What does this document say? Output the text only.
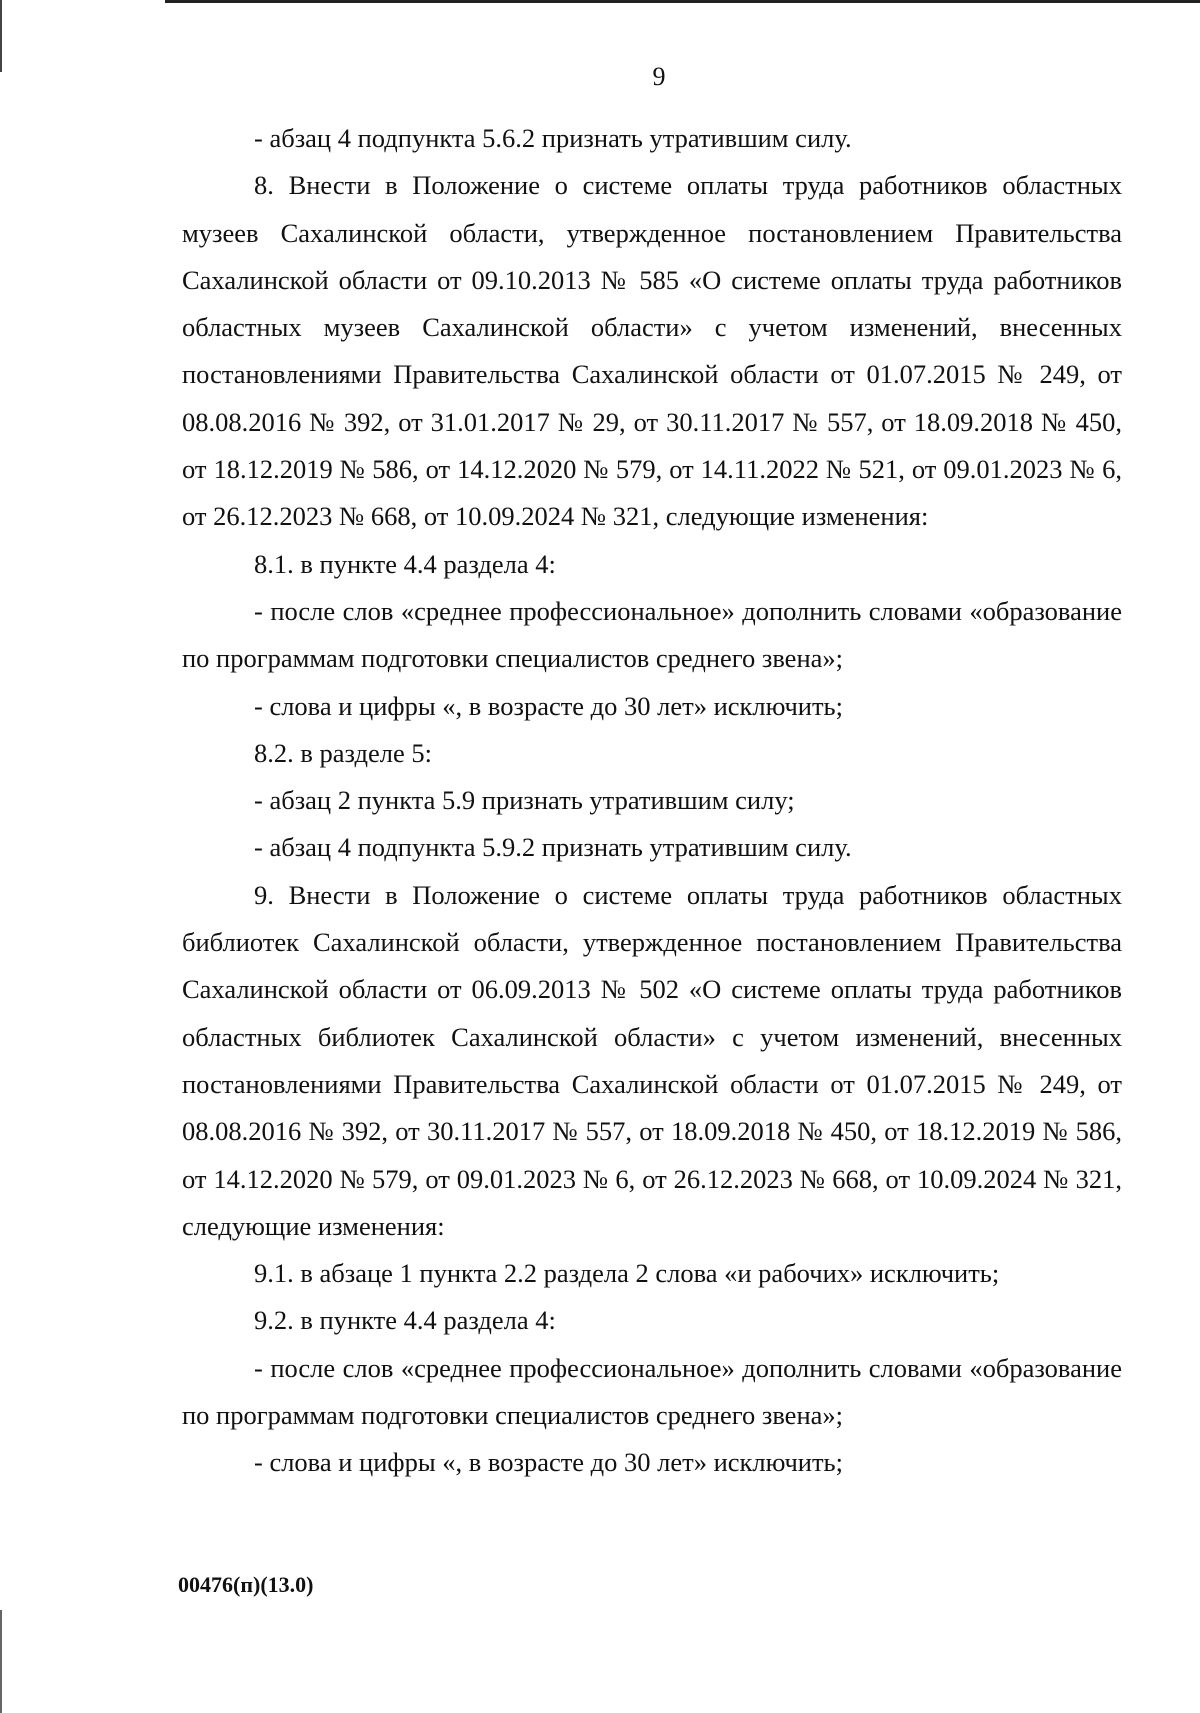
9

- абзац 4 подпункта 5.6.2 признать утратившим силу.

8. Внести в Положение о системе оплаты труда работников областных музеев Сахалинской области, утвержденное постановлением Правительства Сахалинской области от 09.10.2013 № 585 «О системе оплаты труда работников областных музеев Сахалинской области» с учетом изменений, внесенных постановлениями Правительства Сахалинской области от 01.07.2015 № 249, от 08.08.2016 № 392, от 31.01.2017 № 29, от 30.11.2017 № 557, от 18.09.2018 № 450, от 18.12.2019 № 586, от 14.12.2020 № 579, от 14.11.2022 № 521, от 09.01.2023 № 6, от 26.12.2023 № 668, от 10.09.2024 № 321, следующие изменения:

8.1. в пункте 4.4 раздела 4:

- после слов «среднее профессиональное» дополнить словами «образование по программам подготовки специалистов среднего звена»;

- слова и цифры «, в возрасте до 30 лет» исключить;

8.2. в разделе 5:

- абзац 2 пункта 5.9 признать утратившим силу;

- абзац 4 подпункта 5.9.2 признать утратившим силу.

9. Внести в Положение о системе оплаты труда работников областных библиотек Сахалинской области, утвержденное постановлением Правительства Сахалинской области от 06.09.2013 № 502 «О системе оплаты труда работников областных библиотек Сахалинской области» с учетом изменений, внесенных постановлениями Правительства Сахалинской области от 01.07.2015 № 249, от 08.08.2016 № 392, от 30.11.2017 № 557, от 18.09.2018 № 450, от 18.12.2019 № 586, от 14.12.2020 № 579, от 09.01.2023 № 6, от 26.12.2023 № 668, от 10.09.2024 № 321, следующие изменения:

9.1. в абзаце 1 пункта 2.2 раздела 2 слова «и рабочих» исключить;

9.2. в пункте 4.4 раздела 4:

- после слов «среднее профессиональное» дополнить словами «образование по программам подготовки специалистов среднего звена»;

- слова и цифры «, в возрасте до 30 лет» исключить;

00476(п)(13.0)
